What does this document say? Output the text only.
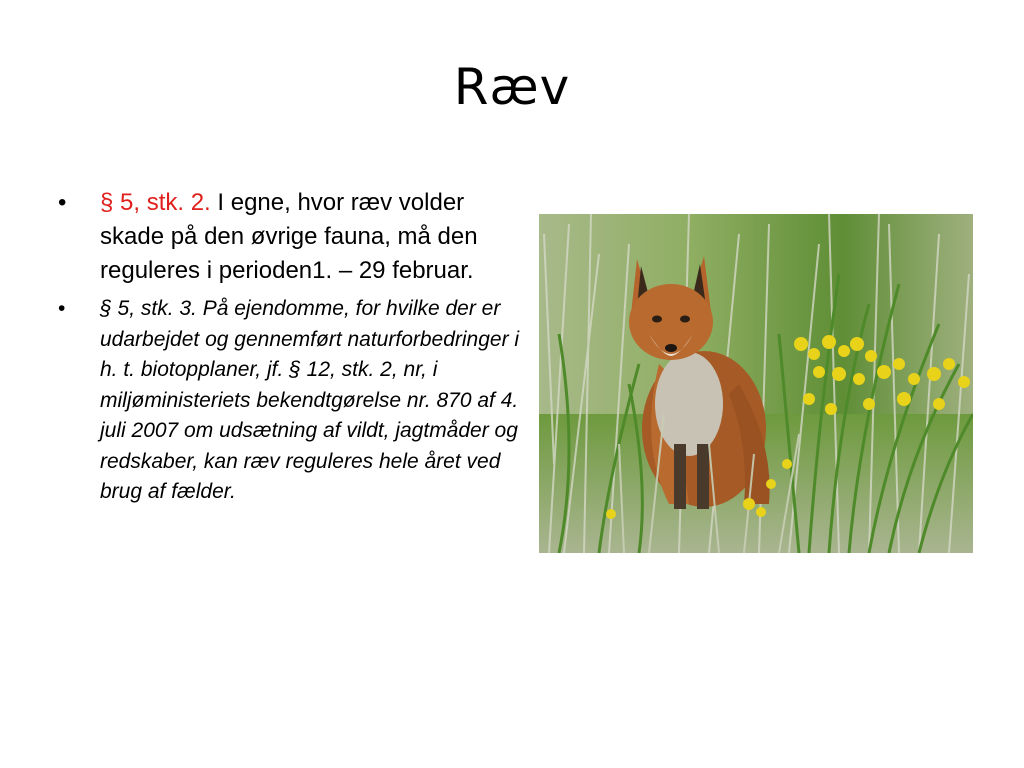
Ræv
•	§ 5, stk. 2. I egne, hvor ræv volder skade på den øvrige fauna, må den reguleres i perioden1. – 29 februar.
•	§ 5, stk. 3. På ejendomme, for hvilke der er udarbejdet og gennemført naturforbedringer i h. t. biotopplaner, jf. § 12, stk. 2, nr, i miljøministeriets bekendtgørelse nr. 870 af 4. juli 2007 om udsætning af vildt, jagtmåder og redskaber, kan ræv reguleres hele året ved brug af fælder.
